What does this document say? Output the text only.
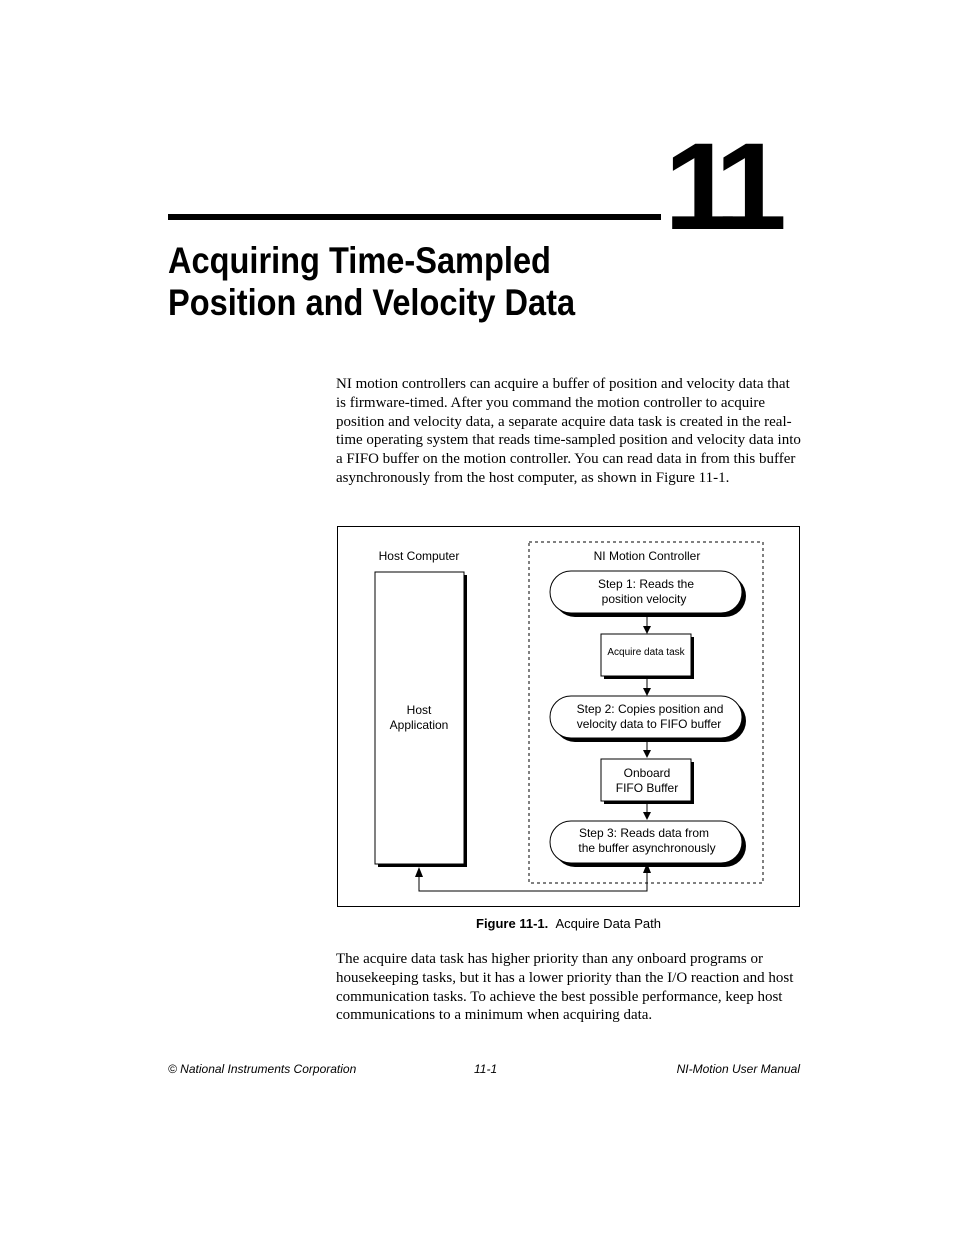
11
Acquiring Time-Sampled
Position and Velocity Data

NI motion controllers can acquire a buffer of position and velocity data that is firmware-timed. After you command the motion controller to acquire position and velocity data, a separate acquire data task is created in the real-time operating system that reads time-sampled position and velocity data into a FIFO buffer on the motion controller. You can read data in from this buffer asynchronously from the host computer, as shown in Figure 11-1.

Host Computer
Host
Application
NI Motion Controller
Step 1: Reads the
position velocity
Acquire data task
Step 2: Copies position and
velocity data to FIFO buffer
Onboard
FIFO Buffer
Step 3: Reads data from
the buffer asynchronously
Figure 11-1. Acquire Data Path

The acquire data task has higher priority than any onboard programs or housekeeping tasks, but it has a lower priority than the I/O reaction and host communication tasks. To achieve the best possible performance, keep host communications to a minimum when acquiring data.

© National Instruments Corporation	11-1	NI-Motion User Manual
